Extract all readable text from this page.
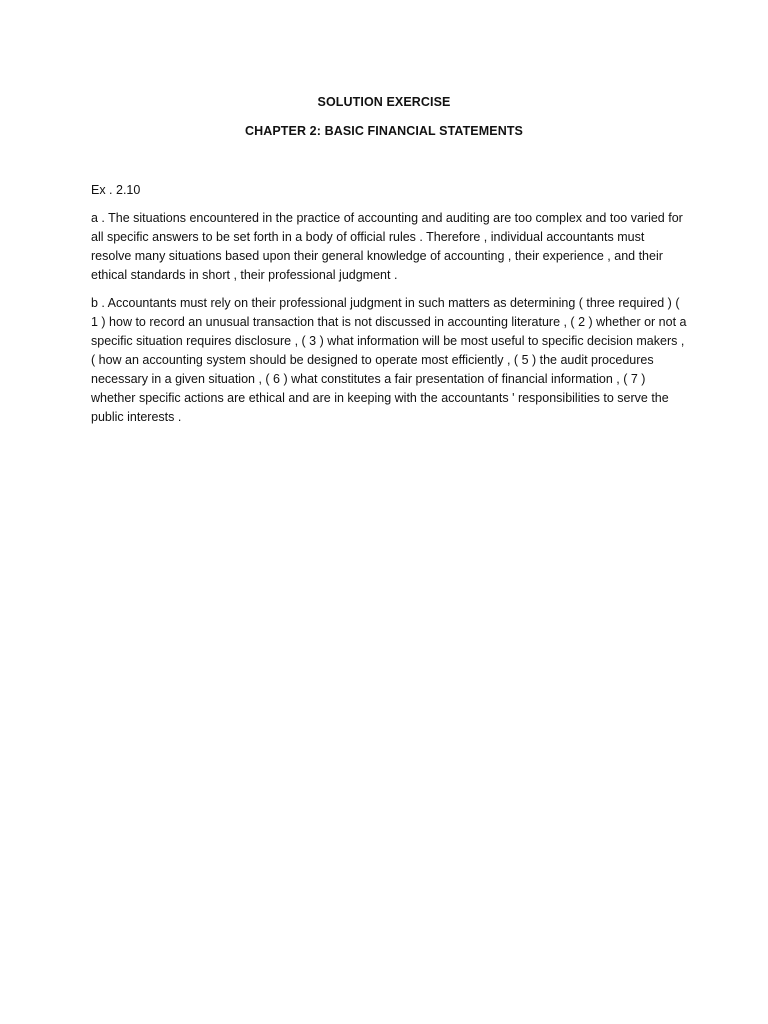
SOLUTION EXERCISE
CHAPTER 2: BASIC FINANCIAL STATEMENTS

Ex . 2.10

a . The situations encountered in the practice of accounting and auditing are too complex and too varied for all specific answers to be set forth in a body of official rules . Therefore , individual accountants must resolve many situations based upon their general knowledge of accounting , their experience , and their ethical standards in short , their professional judgment .

b . Accountants must rely on their professional judgment in such matters as determining ( three required ) ( 1 ) how to record an unusual transaction that is not discussed in accounting literature , ( 2 ) whether or not a specific situation requires disclosure , ( 3 ) what information will be most useful to specific decision makers , ( how an accounting system should be designed to operate most efficiently , ( 5 ) the audit procedures necessary in a given situation , ( 6 ) what constitutes a fair presentation of financial information , ( 7 ) whether specific actions are ethical and are in keeping with the accountants ' responsibilities to serve the public interests .
